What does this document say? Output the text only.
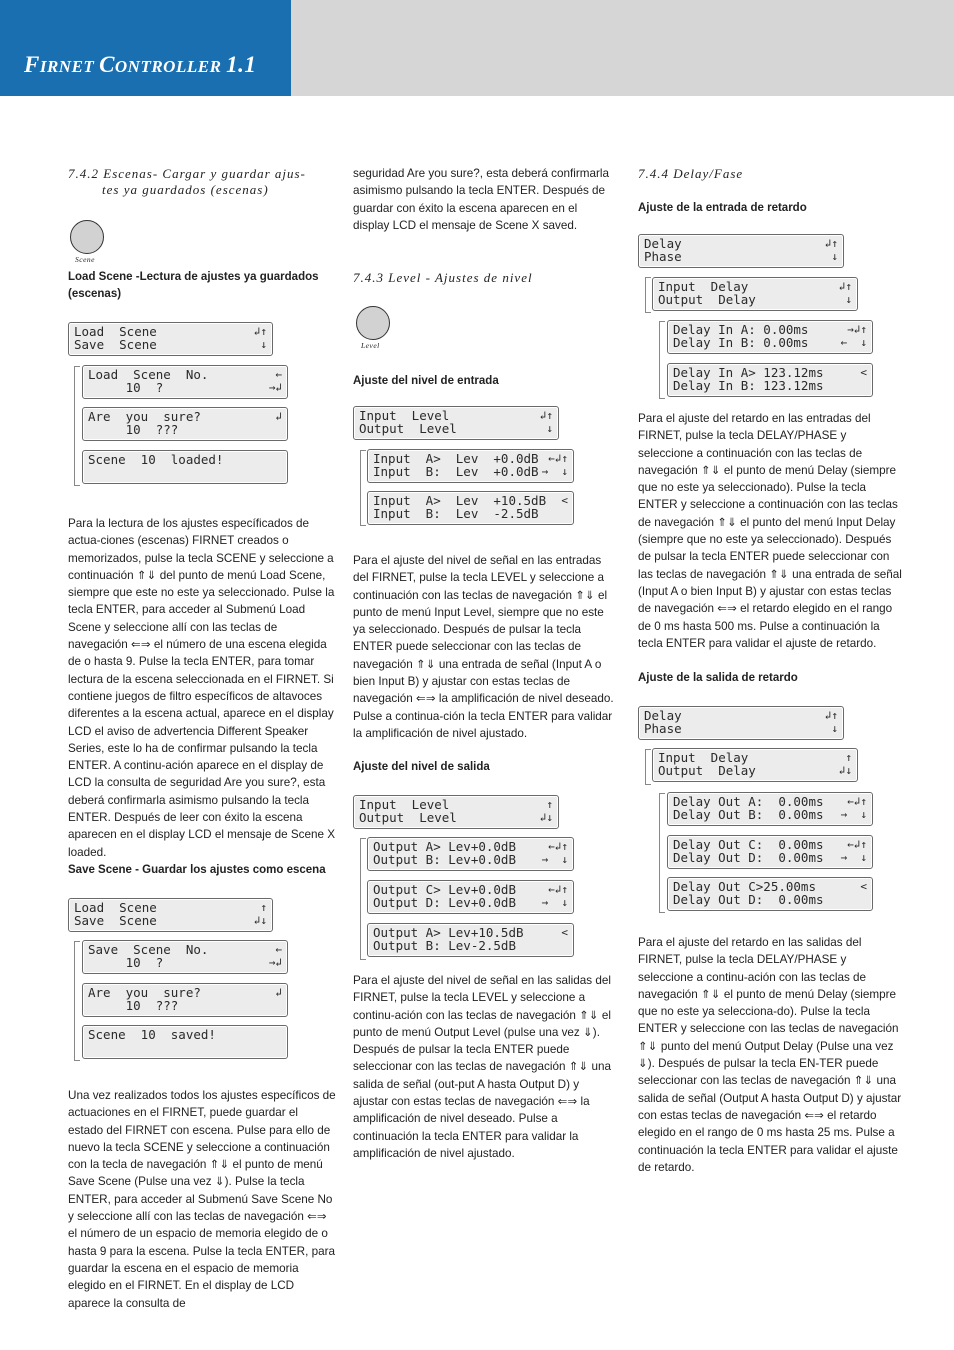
FIRNET CONTROLLER 1.1
7.4.2 Escenas- Cargar y guardar ajus-
tes ya guardados (escenas)
Scene
Load Scene -Lectura de ajustes ya guardados
(escenas)
Load  Scene	↲↑
Save  Scene	↓
Load  Scene  No.	←
10  ?	→↲
Are  you  sure?	↲
10  ???
Scene  10  loaded!
Para la lectura de los ajustes específicados de actua-ciones (escenas) FIRNET creados o memorizados, pulse la tecla SCENE y seleccione a continuación ⇑⇓ del punto de menú Load Scene, siempre que este no este ya seleccionado. Pulse la tecla ENTER, para acceder al Submenú Load Scene y seleccione allí con las teclas de navegación ⇐⇒ el número de una escena elegida de o hasta 9. Pulse la tecla ENTER, para tomar lectura de la escena seleccionada en el FIRNET. Si contiene juegos de filtro específicos de altavoces diferentes a la escena actual, aparece en el display LCD el aviso de advertencia Different Speaker Series, este lo ha de confirmar pulsando la tecla ENTER. A continu-ación aparece en el display de LCD la consulta de seguridad Are you sure?, esta deberá confirmarla asimismo pulsando la tecla ENTER. Después de leer con éxito la escena aparecen en el display LCD el mensaje de Scene X loaded.
Save Scene - Guardar los ajustes como escena
Load  Scene	↑
Save  Scene	↲↓
Save  Scene  No.	←
10  ?	→↲
Are  you  sure?	↲
10  ???
Scene  10  saved!
Una vez realizados todos los ajustes específicos de actuaciones en el FIRNET, puede guardar el estado del FIRNET con escena. Pulse para ello de nuevo la tecla SCENE y seleccione a continuación con la tecla de navegación ⇑⇓ el punto de menú Save Scene (Pulse una vez ⇓). Pulse la tecla ENTER, para acceder al Submenú Save Scene No y seleccione allí con las teclas de navegación ⇐⇒ el número de un espacio de memoria elegido de o hasta 9 para la escena. Pulse la tecla ENTER, para guardar la escena en el espacio de memoria elegido en el FIRNET. En el display de LCD aparece la consulta de
seguridad Are you sure?, esta deberá confirmarla asimismo pulsando la tecla ENTER. Después de guardar con éxito la escena aparecen en el display LCD el mensaje de Scene X saved.
7.4.3 Level - Ajustes de nivel
Level
Ajuste del nivel de entrada
Input  Level	↲↑
Output  Level	↓
Input  A>  Lev  +0.0dB ←↲↑
Input  B:  Lev  +0.0dB →  ↓
Input  A>  Lev  +10.5dB <
Input  B:  Lev  -2.5dB
Para el ajuste del nivel de señal en las entradas del FIRNET, pulse la tecla LEVEL y seleccione a continuación con las teclas de navegación ⇑⇓ el punto de menú Input Level, siempre que no este ya seleccionado. Después de pulsar la tecla ENTER puede seleccionar con las teclas de navegación ⇑⇓ una entrada de señal (Input A o bien Input B) y ajustar con estas teclas de navegación ⇐⇒ la amplificación de nivel deseado. Pulse a continua-ción la tecla ENTER para validar la amplificación de nivel ajustado.
Ajuste del nivel de salida
Input  Level	↑
Output  Level	↲↓
Output A> Lev+0.0dB	←↲↑
Output B: Lev+0.0dB →  ↓
Output C> Lev+0.0dB	←↲↑
Output D: Lev+0.0dB →  ↓
Output A> Lev+10.5dB	<
Output B: Lev-2.5dB
Para el ajuste del nivel de señal en las salidas del FIRNET, pulse la tecla LEVEL y seleccione a continu-ación con las teclas de navegación ⇑⇓ el punto de menú Output Level (pulse una vez ⇓). Después de pulsar la tecla ENTER puede seleccionar con las teclas de navegación ⇑⇓ una salida de señal (out-put A hasta Output D) y ajustar con estas teclas de navegación ⇐⇒ la amplificación de nivel deseado. Pulse a continuación la tecla ENTER para validar la amplificación de nivel ajustado.
7.4.4 Delay/Fase
Ajuste de la entrada de retardo
Delay	↲↑
Phase	↓
Input  Delay	↲↑
Output  Delay	↓
Delay In A: 0.00ms	→↲↑
Delay In B: 0.00ms	←  ↓
Delay In A> 123.12ms	<
Delay In B: 123.12ms
Para el ajuste del retardo en las entradas del FIRNET, pulse la tecla DELAY/PHASE y seleccione a continuación con las teclas de navegación ⇑⇓ el punto de menú Delay (siempre que no este ya seleccionado). Pulse la tecla ENTER y seleccione a continuación con las teclas de navegación ⇑⇓ el punto del menú Input Delay (siempre que no este ya seleccionado). Después de pulsar la tecla ENTER puede seleccionar con las teclas de navegación ⇑⇓ una entrada de señal (Input A o bien Input B) y ajustar con estas teclas de navegación ⇐⇒ el retardo elegido en el rango de 0 ms hasta 500 ms. Pulse a continuación la tecla ENTER para validar el ajuste de retardo.
Ajuste de la salida de retardo
Delay	↲↑
Phase	↓
Input  Delay	↑
Output  Delay	↲↓
Delay Out A:  0.00ms ←↲↑
Delay Out B:  0.00ms →  ↓
Delay Out C:  0.00ms ←↲↑
Delay Out D:  0.00ms →  ↓
Delay Out C>25.00ms	<
Delay Out D:  0.00ms
Para el ajuste del retardo en las salidas del FIRNET, pulse la tecla DELAY/PHASE y seleccione a continu-ación con las teclas de navegación ⇑⇓ el punto de menú Delay (siempre que no este ya selecciona-do). Pulse la tecla ENTER y seleccione con las teclas de navegación ⇑⇓ punto del menú Output Delay (Pulse una vez ⇓). Después de pulsar la tecla EN-TER puede seleccionar con las teclas de navegación ⇑⇓ una salida de señal (Output A hasta Output D) y ajustar con estas teclas de navegación ⇐⇒ el retardo elegido en el rango de 0 ms hasta 25 ms. Pulse a continuación la tecla ENTER para validar el ajuste de retardo.
